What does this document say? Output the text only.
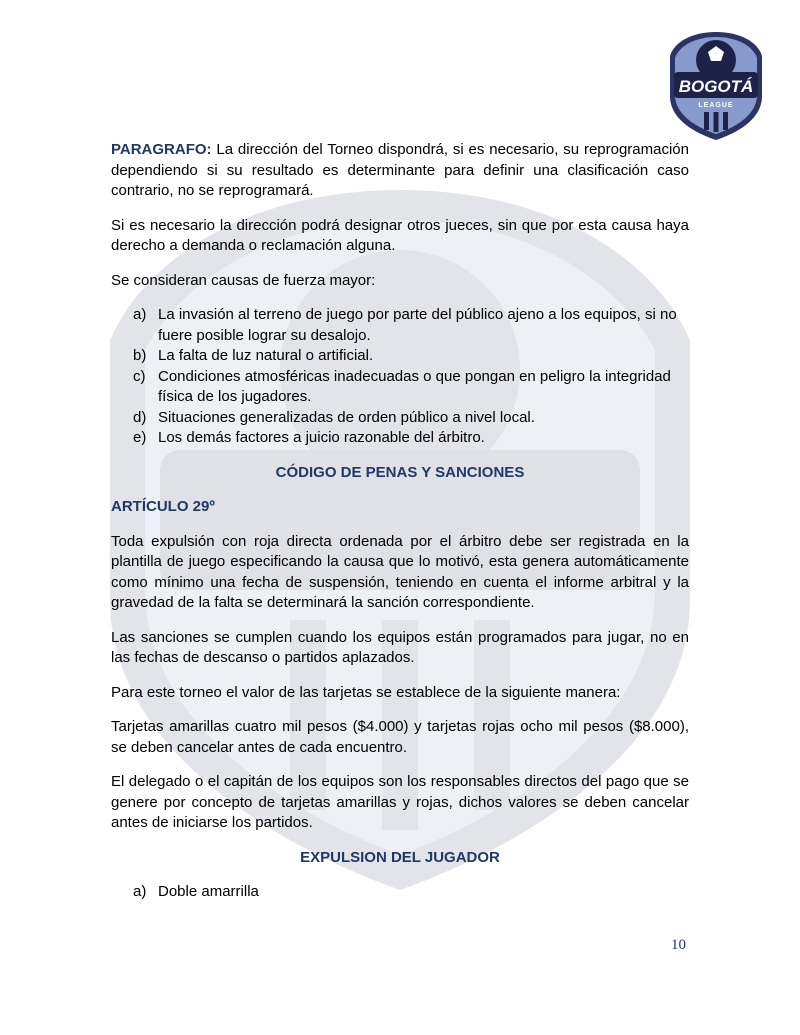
BOGOTÁ
LEAGUE

PARAGRAFO: La dirección del Torneo dispondrá, si es necesario, su reprogramación dependiendo si su resultado es determinante para definir una clasificación caso contrario, no se reprogramará.

Si es necesario la dirección podrá designar otros jueces, sin que por esta causa haya derecho a demanda o reclamación alguna.

Se consideran causas de fuerza mayor:

a) La invasión al terreno de juego por parte del público ajeno a los equipos, si no fuere posible lograr su desalojo.
b) La falta de luz natural o artificial.
c) Condiciones atmosféricas inadecuadas o que pongan en peligro la integridad física de los jugadores.
d) Situaciones generalizadas de orden público a nivel local.
e) Los demás factores a juicio razonable del árbitro.
CÓDIGO DE PENAS Y SANCIONES
ARTÍCULO 29º

Toda expulsión con roja directa ordenada por el árbitro debe ser registrada en la plantilla de juego especificando la causa que lo motivó, esta genera automáticamente como mínimo una fecha de suspensión, teniendo en cuenta el informe arbitral y la gravedad de la falta se determinará la sanción correspondiente.

Las sanciones se cumplen cuando los equipos están programados para jugar, no en las fechas de descanso o partidos aplazados.

Para este torneo el valor de las tarjetas se establece de la siguiente manera:

Tarjetas amarillas cuatro mil pesos ($4.000) y tarjetas rojas ocho mil pesos ($8.000), se deben cancelar antes de cada encuentro.

El delegado o el capitán de los equipos son los responsables directos del pago que se genere por concepto de tarjetas amarillas y rojas, dichos valores se deben cancelar antes de iniciarse los partidos.

EXPULSION DEL JUGADOR
a) Doble amarrilla
10
